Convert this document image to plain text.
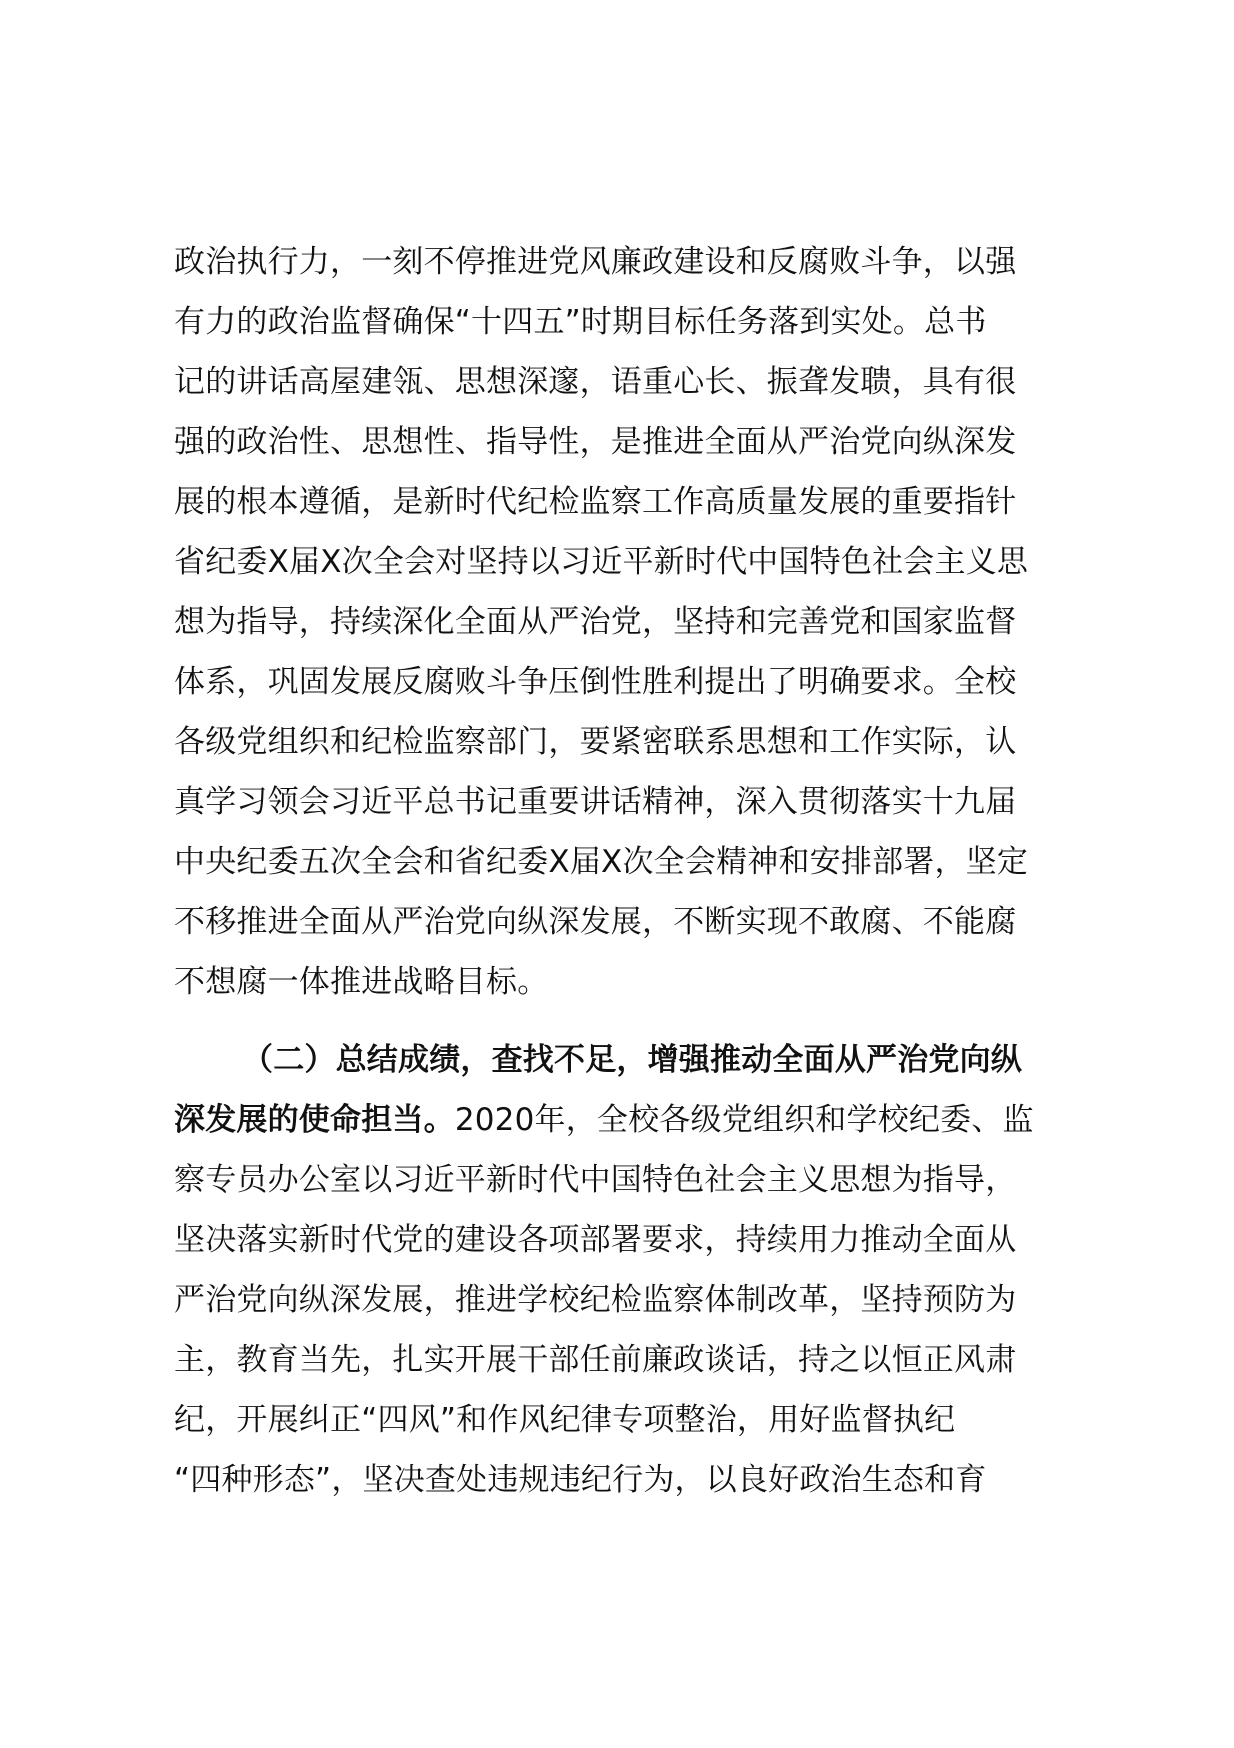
政治执行力，一刻不停推进党风廉政建设和反腐败斗争，以强
有力的政治监督确保“十四五”时期目标任务落到实处。总书
记的讲话高屋建瓴、思想深邃，语重心长、振聋发聩，具有很
强的政治性、思想性、指导性，是推进全面从严治党向纵深发
展的根本遵循，是新时代纪检监察工作高质量发展的重要指针
省纪委X届X次全会对坚持以习近平新时代中国特色社会主义思
想为指导，持续深化全面从严治党，坚持和完善党和国家监督
体系，巩固发展反腐败斗争压倒性胜利提出了明确要求。全校
各级党组织和纪检监察部门，要紧密联系思想和工作实际，认
真学习领会习近平总书记重要讲话精神，深入贯彻落实十九届
中央纪委五次全会和省纪委X届X次全会精神和安排部署，坚定
不移推进全面从严治党向纵深发展，不断实现不敢腐、不能腐
不想腐一体推进战略目标。
（二）总结成绩，查找不足，增强推动全面从严治党向纵
深发展的使命担当。2020年，全校各级党组织和学校纪委、监
察专员办公室以习近平新时代中国特色社会主义思想为指导，
坚决落实新时代党的建设各项部署要求，持续用力推动全面从
严治党向纵深发展，推进学校纪检监察体制改革，坚持预防为
主，教育当先，扎实开展干部任前廉政谈话，持之以恒正风肃
纪，开展纠正“四风”和作风纪律专项整治，用好监督执纪
“四种形态”，坚决查处违规违纪行为，以良好政治生态和育
